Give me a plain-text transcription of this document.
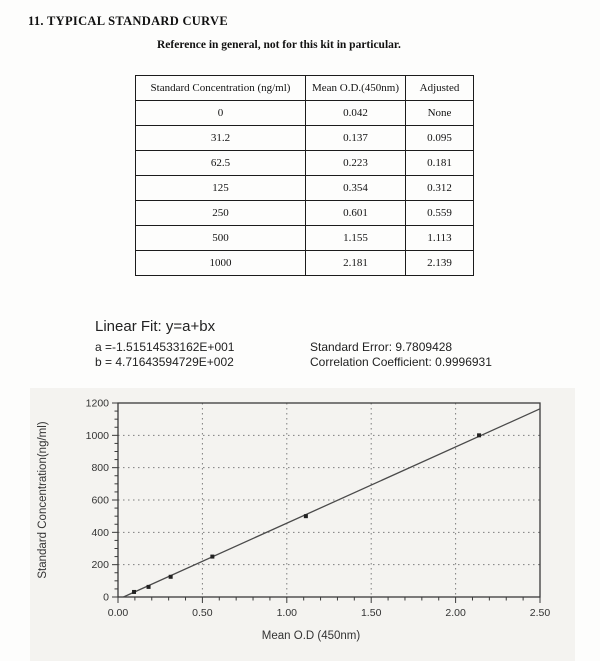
11. TYPICAL STANDARD CURVE
Reference in general, not for this kit in particular.
Standard Concentration (ng/ml)	Mean O.D.(450nm)	Adjusted
0	0.042	None
31.2	0.137	0.095
62.5	0.223	0.181
125	0.354	0.312
250	0.601	0.559
500	1.155	1.113
1000	2.181	2.139
Linear Fit: y=a+bx
a =-1.51514533162E+001	Standard Error: 9.7809428
b = 4.71643594729E+002	Correlation Coefficient: 0.9996931
0
200
400
600
800
1000
1200
0.00	0.50	1.00	1.50	2.00	2.50
Mean O.D (450nm)
Standard Concentration(ng/ml)
